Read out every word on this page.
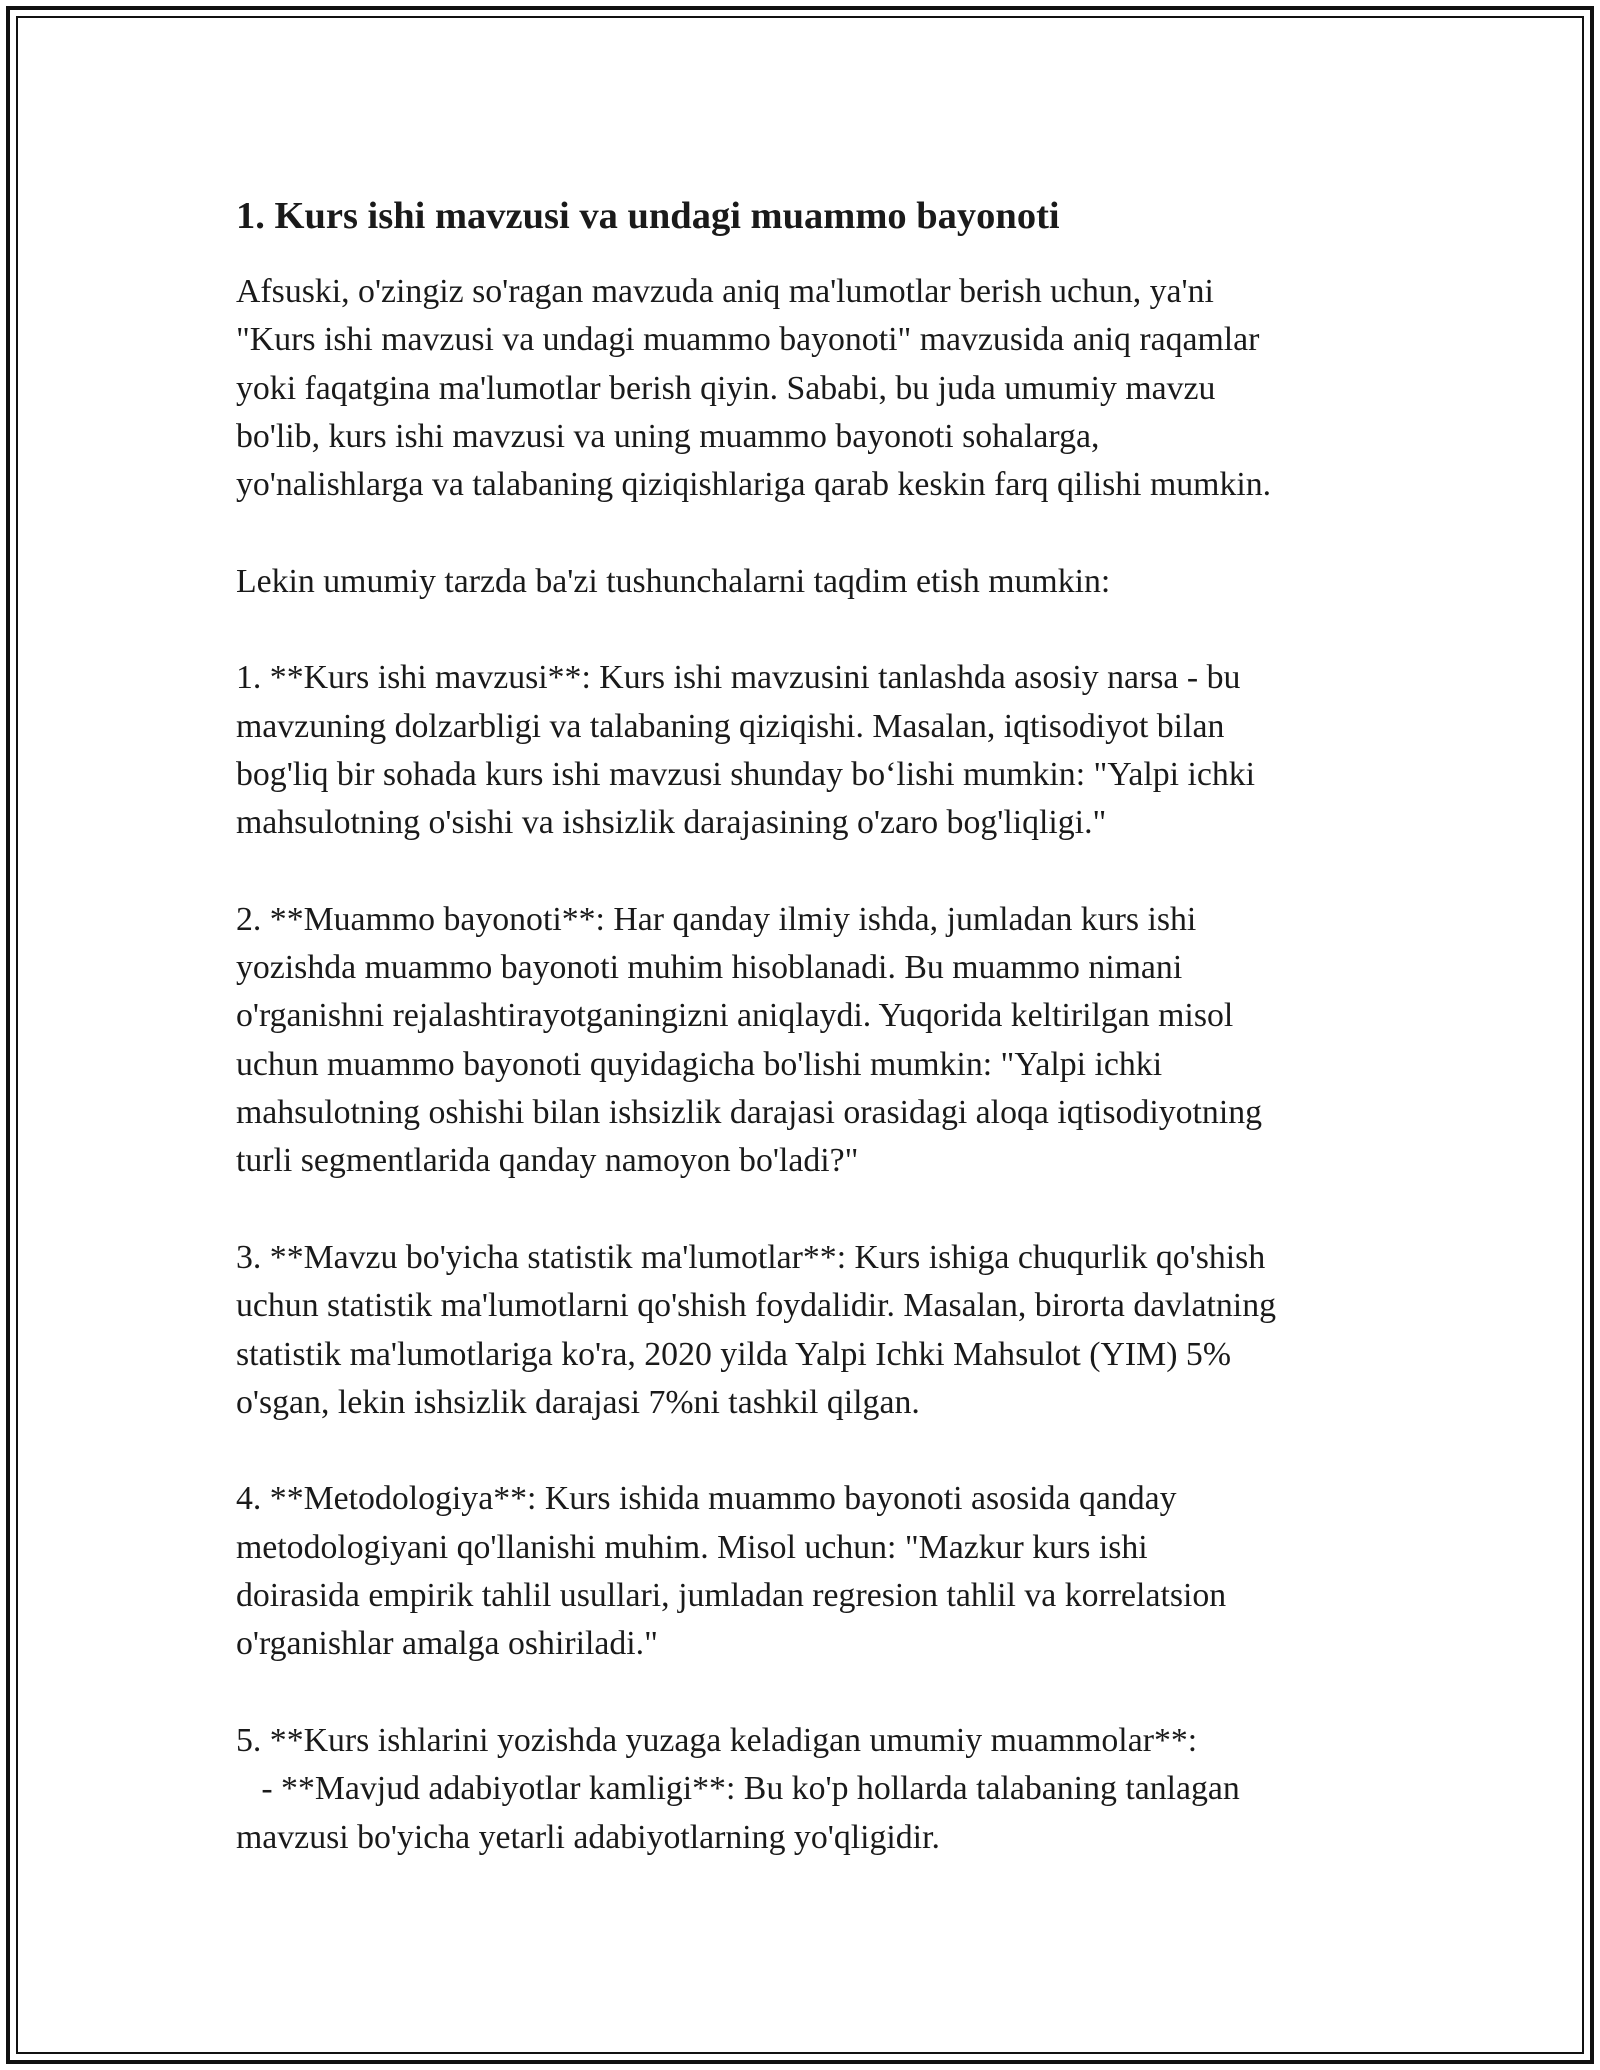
1. Kurs ishi mavzusi va undagi muammo bayonoti

Afsuski, o'zingiz so'ragan mavzuda aniq ma'lumotlar berish uchun, ya'ni
"Kurs ishi mavzusi va undagi muammo bayonoti" mavzusida aniq raqamlar
yoki faqatgina ma'lumotlar berish qiyin. Sababi, bu juda umumiy mavzu
bo'lib, kurs ishi mavzusi va uning muammo bayonoti sohalarga,
yo'nalishlarga va talabaning qiziqishlariga qarab keskin farq qilishi mumkin.

Lekin umumiy tarzda ba'zi tushunchalarni taqdim etish mumkin:

1. **Kurs ishi mavzusi**: Kurs ishi mavzusini tanlashda asosiy narsa - bu
mavzuning dolzarbligi va talabaning qiziqishi. Masalan, iqtisodiyot bilan
bog'liq bir sohada kurs ishi mavzusi shunday bo‘lishi mumkin: "Yalpi ichki
mahsulotning o'sishi va ishsizlik darajasining o'zaro bog'liqligi."

2. **Muammo bayonoti**: Har qanday ilmiy ishda, jumladan kurs ishi
yozishda muammo bayonoti muhim hisoblanadi. Bu muammo nimani
o'rganishni rejalashtirayotganingizni aniqlaydi. Yuqorida keltirilgan misol
uchun muammo bayonoti quyidagicha bo'lishi mumkin: "Yalpi ichki
mahsulotning oshishi bilan ishsizlik darajasi orasidagi aloqa iqtisodiyotning
turli segmentlarida qanday namoyon bo'ladi?"

3. **Mavzu bo'yicha statistik ma'lumotlar**: Kurs ishiga chuqurlik qo'shish
uchun statistik ma'lumotlarni qo'shish foydalidir. Masalan, birorta davlatning
statistik ma'lumotlariga ko'ra, 2020 yilda Yalpi Ichki Mahsulot (YIM) 5%
o'sgan, lekin ishsizlik darajasi 7%ni tashkil qilgan.

4. **Metodologiya**: Kurs ishida muammo bayonoti asosida qanday
metodologiyani qo'llanishi muhim. Misol uchun: "Mazkur kurs ishi
doirasida empirik tahlil usullari, jumladan regresion tahlil va korrelatsion
o'rganishlar amalga oshiriladi."

5. **Kurs ishlarini yozishda yuzaga keladigan umumiy muammolar**:
- **Mavjud adabiyotlar kamligi**: Bu ko'p hollarda talabaning tanlagan
mavzusi bo'yicha yetarli adabiyotlarning yo'qligidir.
